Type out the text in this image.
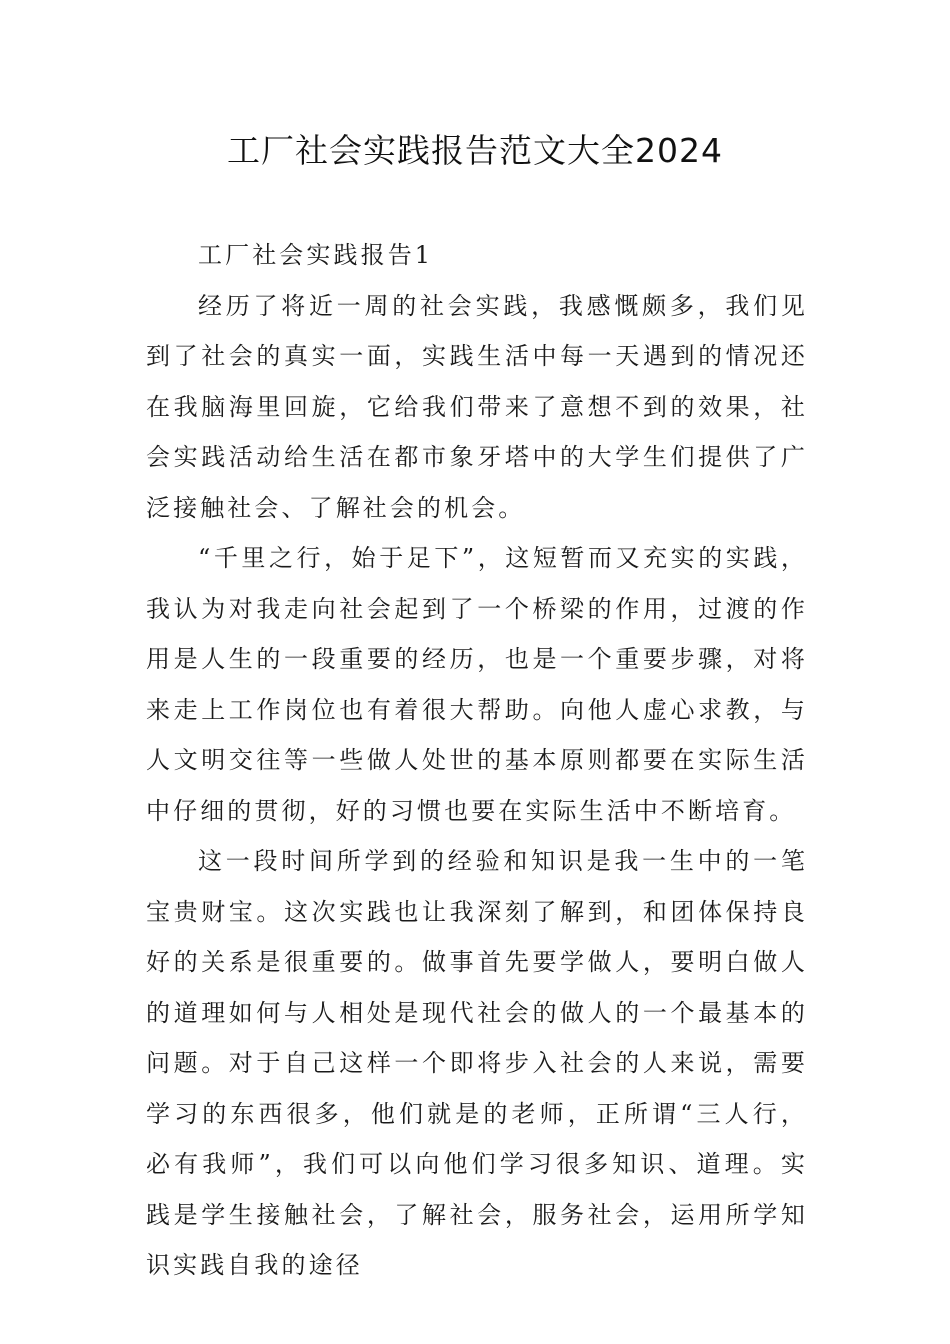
工厂社会实践报告范文大全2024

工厂社会实践报告1

经历了将近一周的社会实践，我感慨颇多，我们见到了社会的真实一面，实践生活中每一天遇到的情况还在我脑海里回旋，它给我们带来了意想不到的效果，社会实践活动给生活在都市象牙塔中的大学生们提供了广泛接触社会、了解社会的机会。

“千里之行，始于足下”，这短暂而又充实的实践，我认为对我走向社会起到了一个桥梁的作用，过渡的作用是人生的一段重要的经历，也是一个重要步骤，对将来走上工作岗位也有着很大帮助。向他人虚心求教，与人文明交往等一些做人处世的基本原则都要在实际生活中仔细的贯彻，好的习惯也要在实际生活中不断培育。

这一段时间所学到的经验和知识是我一生中的一笔宝贵财宝。这次实践也让我深刻了解到，和团体保持良好的关系是很重要的。做事首先要学做人，要明白做人的道理如何与人相处是现代社会的做人的一个最基本的问题。对于自己这样一个即将步入社会的人来说，需要学习的东西很多，他们就是的老师，正所谓“三人行，必有我师”，我们可以向他们学习很多知识、道理。实践是学生接触社会，了解社会，服务社会，运用所学知识实践自我的途径
